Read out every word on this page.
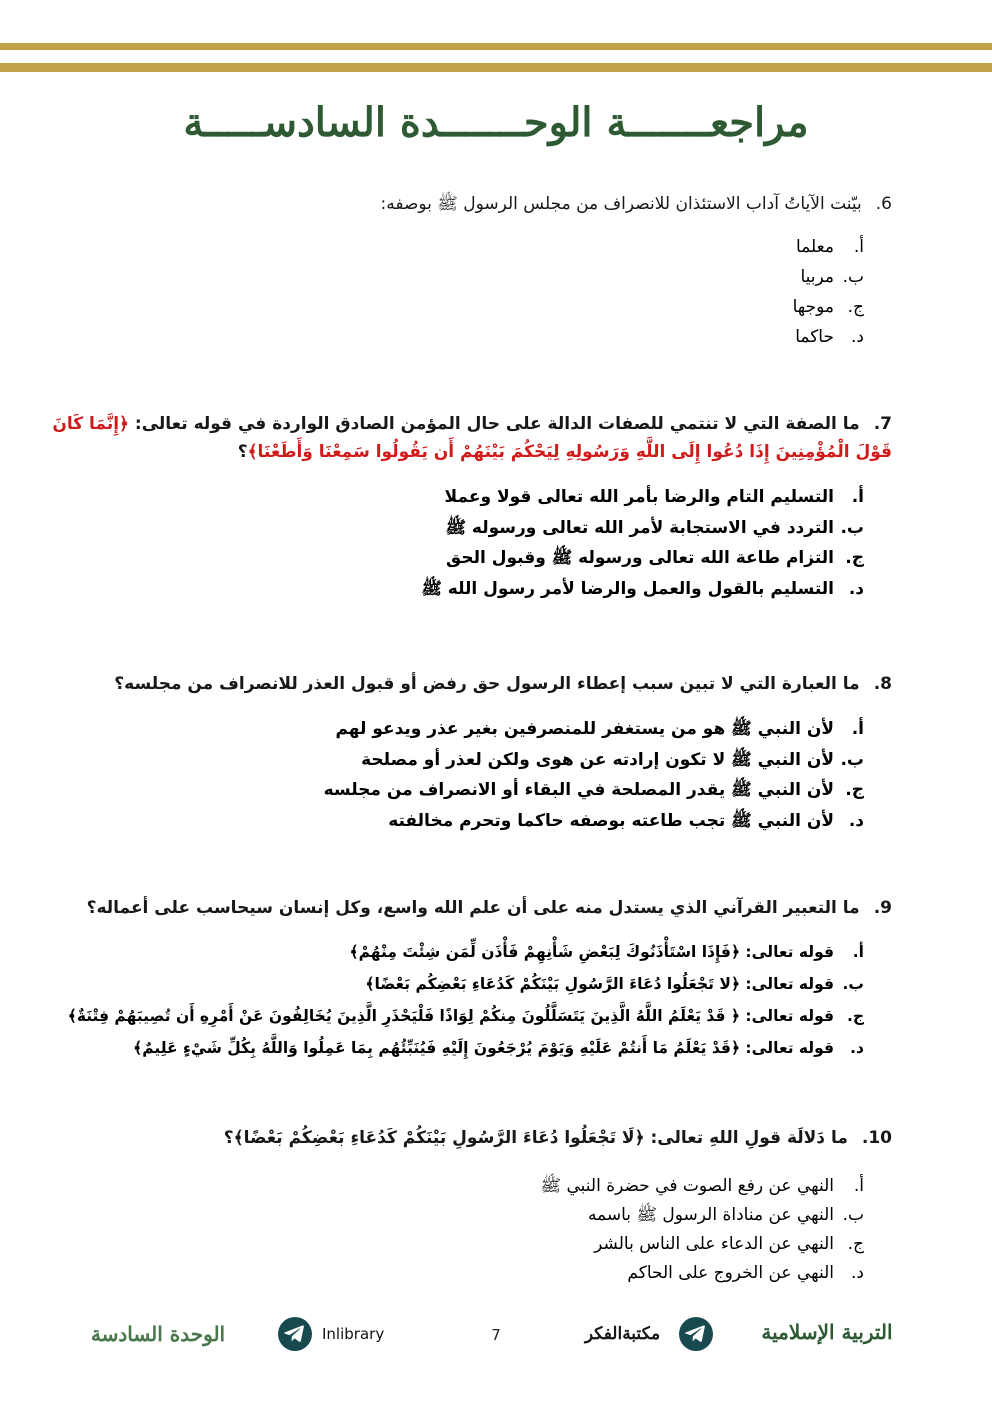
مراجعـــــــة الوحـــــــدة السادســـــة
6.بيّنت الآياتُ آداب الاستئذان للانصراف من مجلس الرسول ﷺ بوصفه:
أ.
معلما
ب.
مربيا
ج.
موجها
د.
حاكما
7.ما الصفة التي لا تنتمي للصفات الدالة على حال المؤمن الصادق الواردة في قوله تعالى: ﴿إِنَّمَا كَانَ قَوْلَ الْمُؤْمِنِينَ إِذَا دُعُوا إِلَى اللَّهِ وَرَسُولِهِ لِيَحْكُمَ بَيْنَهُمْ أَن يَقُولُوا سَمِعْنَا وَأَطَعْنَا﴾؟
أ.
التسليم التام والرضا بأمر الله تعالى قولا وعملا
ب.
التردد في الاستجابة لأمر الله تعالى ورسوله ﷺ
ج.
التزام طاعة الله تعالى ورسوله ﷺ وقبول الحق
د.
التسليم بالقول والعمل والرضا لأمر رسول الله ﷺ
8.ما العبارة التي لا تبين سبب إعطاء الرسول حق رفض أو قبول العذر للانصراف من مجلسه؟
أ.
لأن النبي ﷺ هو من يستغفر للمنصرفين بغير عذر ويدعو لهم
ب.
لأن النبي ﷺ لا تكون إرادته عن هوى ولكن لعذر أو مصلحة
ج.
لأن النبي ﷺ يقدر المصلحة في البقاء أو الانصراف من مجلسه
د.
لأن النبي ﷺ تجب طاعته بوصفه حاكما وتحرم مخالفته
9.ما التعبير القرآني الذي يستدل منه على أن علم الله واسع، وكل إنسان سيحاسب على أعماله؟
أ.
قوله تعالى: ﴿فَإِذَا اسْتَأْذَنُوكَ لِبَعْضِ شَأْنِهِمْ فَأْذَن لِّمَن شِئْتَ مِنْهُمْ﴾
ب.
قوله تعالى: ﴿لا تَجْعَلُوا دُعَاءَ الرَّسُولِ بَيْنَكُمْ كَدُعَاءِ بَعْضِكُم بَعْضًا﴾
ج.
قوله تعالى: ﴿ قَدْ يَعْلَمُ اللَّهُ الَّذِينَ يَتَسَلَّلُونَ مِنكُمْ لِوَاذًا فَلْيَحْذَرِ الَّذِينَ يُخَالِفُونَ عَنْ أَمْرِهِ أَن تُصِيبَهُمْ فِتْنَةٌ﴾
د.
قوله تعالى: ﴿قَدْ يَعْلَمُ مَا أَنتُمْ عَلَيْهِ وَيَوْمَ يُرْجَعُونَ إِلَيْهِ فَيُنَبِّئُهُم بِمَا عَمِلُوا وَاللَّهُ بِكُلِّ شَيْءٍ عَلِيمٌ﴾
10.ما دَلالَة قولِ اللهِ تعالى: ﴿لَا تَجْعَلُوا دُعَاءَ الرَّسُولِ بَيْنَكُمْ كَدُعَاءِ بَعْضِكُمْ بَعْضًا﴾؟
أ.
النهي عن رفع الصوت في حضرة النبي ﷺ
ب.
النهي عن مناداة الرسول ﷺ باسمه
ج.
النهي عن الدعاء على الناس بالشر
د.
النهي عن الخروج على الحاكم
الوحدة السادسة	Inlibrary	7	مكتبةالفكر	التربية الإسلامية
